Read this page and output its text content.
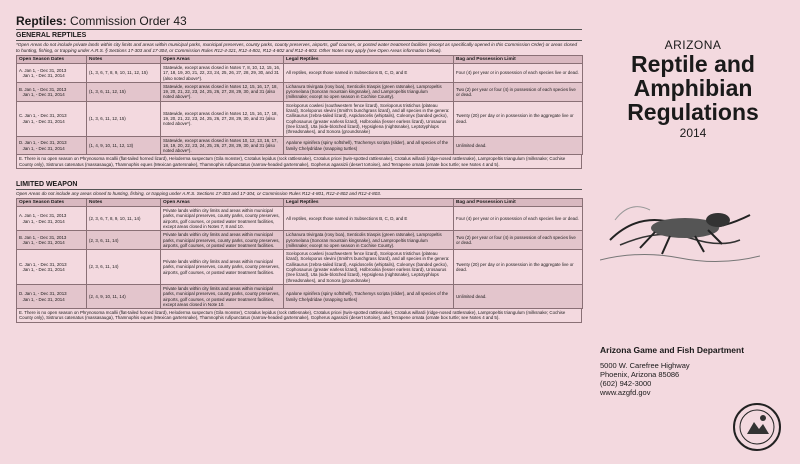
Reptiles: Commission Order 43
GENERAL REPTILES
*Open Areas do not include private lands within city limits and areas within municipal parks, municipal preserves, county parks, county preserves, airports, golf courses, or posted water treatment facilities (except as specifically opened in this Commission Order) or areas closed to hunting, fishing, or trapping under A.R.S. § Sections 17-303 and 17-304, or Commission Rules R12-4-321, R12-4-801, R12-4-802 and R12-4-803. Other Notes may apply (see Open Areas information below).
Open Season Dates	Notes	Open Areas	Legal Reptiles	Bag and Possession Limit
A. Jan 1, - Dec 31, 2013
Jan 1, - Dec 31, 2014	(1, 3, 6, 7, 8, 9, 10, 11, 12, 15)	Statewide, except areas closed in Notes 7, 8, 10, 12, 15, 16, 17, 18, 19, 20, 21, 22, 23, 24, 25, 26, 27, 28, 29, 30, and 31 (also noted above*).	All reptiles, except those named in Subsections B, C, D, and E	Four (4) per year or in possession of each species live or dead.
B. Jan 1, - Dec 31, 2013
Jan 1, - Dec 31, 2014	(1, 3, 6, 11, 12, 15)	Statewide, except areas closed in Notes 12, 15, 16, 17, 18, 19, 20, 21, 22, 23, 24, 25, 26, 27, 28, 29, 30, and 31 (also noted above*).	Lichanura trivirgata (rosy boa), Senticolis triaspis (green ratsnake), Lampropeltis pyromelana (Sonoran mountain kingsnake), and Lampropeltis triangulum (milksnake; except no open season in Cochise County).	Two (2) per year or four (4) in possession of each species live or dead.
C. Jan 1, - Dec 31, 2013
Jan 1, - Dec 31, 2014	(1, 3, 6, 11, 12, 15)	Statewide, except areas closed in Notes 12, 15, 16, 17, 18, 19, 20, 21, 22, 23, 24, 25, 26, 27, 28, 29, 30, and 31 (also noted above*).	Sceloporus cowlesi (southwestern fence lizard), Sceloporus tristichus (plateau lizard), Sceloporus slevini (Smith's bunchgrass lizard), and all species in the genera: Callisaurus (zebra-tailed lizard), Aspidoscelis (whiptails), Coleonyx (banded gecko), Cophosaurus (greater earless lizard), Holbrookia (lesser earless lizard), Urosaurus (tree lizard), Uta (side-blotched lizard), Hypsiglena (nightsnake), Leptotyphlops (threadsnakes), and Sonora (groundsnake)	Twenty (20) per day or in possession in the aggregate live or dead.
D. Jan 1, - Dec 31, 2013
Jan 1, - Dec 31, 2014	(1, 4, 9, 10, 11, 12, 13)	Statewide, except areas closed in Notes 10, 12, 13, 16, 17, 18, 19, 20, 22, 23, 24, 25, 26, 27, 28, 29, 30, and 31 (also noted above*).	Apalone spinifera (spiny softshell), Trachemys scripta (slider), and all species of the family Chelydridae (snapping turtles)	Unlimited dead.
E. There is no open season on Phrynosoma mcallii (flat-tailed horned lizard), Heloderma suspectum (Gila monster), Crotalus lepidus (rock rattlesnake), Crotalus pricei (twin-spotted rattlesnake), Crotalus willardi (ridge-nosed rattlesnake), Lampropeltis triangulum (milksnake; Cochise County only), Sistrurus catenatus (massasauga), Thamnophis eques (Mexican gartersnake), Thamnophis rufipunctatus (narrow-headed gartersnake), Gopherus agassizii (desert tortoise), and Terrapene ornata (ornate box turtle; see Notes 4 and 5).
LIMITED WEAPON
Open Areas do not include any areas closed to hunting, fishing, or trapping under A.R.S. Sections 17-303 and 17-304, or Commission Rules R12-4-801, R12-4-802 and R12-4-803.
Open Season Dates	Notes	Open Areas	Legal Reptiles	Bag and Possession Limit
A. Jan 1, - Dec 31, 2013
Jan 1, - Dec 31, 2014	(2, 3, 6, 7, 8, 9, 10, 11, 14)	Private lands within city limits and areas within municipal parks, municipal preserves, county parks, county preserves, airports, golf courses, or posted water treatment facilities, except areas closed in Notes 7, 8 and 10.	All reptiles, except those named in Subsections B, C, D, and E	Four (4) per year or in possession of each species live or dead.
B. Jan 1, - Dec 31, 2013
Jan 1, - Dec 31, 2014	(2, 3, 6, 11, 14)	Private lands within city limits and areas within municipal parks, municipal preserves, county parks, county preserves, airports, golf courses, or posted water treatment facilities.	Lichanura trivirgata (rosy boa), Senticolis triaspis (green ratsnake), Lampropeltis pyromelana (Sonoran mountain kingsnake), and Lampropeltis triangulum (milksnake; except no open season in Cochise County).	Two (2) per year or four (4) in possession of each species live or dead.
C. Jan 1, - Dec 31, 2013
Jan 1, - Dec 31, 2014	(2, 3, 6, 11, 14)	Private lands within city limits and areas within municipal parks, municipal preserves, county parks, county preserves, airports, golf courses, or posted water treatment facilities.	Sceloporus cowlesi (southwestern fence lizard), Sceloporus tristichus (plateau lizard), Sceloporus slevini (Smith's bunchgrass lizard), and all species in the genera: Callisaurus (zebra-tailed lizard), Aspidoscelis (whiptails), Coleonyx (banded gecko), Cophosaurus (greater earless lizard), Holbrookia (lesser earless lizard), Urosaurus (tree lizard), Uta (side-blotched lizard), Hypsiglena (nightsnake), Leptotyphlops (threadsnakes), and Sonora (groundsnake)	Twenty (20) per day or in possession in the aggregate live or dead.
D. Jan 1, - Dec 31, 2013
Jan 1, - Dec 31, 2014	(2, 4, 9, 10, 11, 14)	Private lands within city limits and areas within municipal parks, municipal preserves, county parks, county preserves, airports, golf courses, or posted water treatment facilities, except areas closed in Note 10.	Apalone spinifera (spiny softshell), Trachemys scripta (slider), and all species of the family Chelydridae (snapping turtles)	Unlimited dead.
E. There is no open season on Phrynosoma mcallii (flat-tailed horned lizard), Heloderma suspectum (Gila monster), Crotalus lepidus (rock rattlesnake), Crotalus pricei (twin-spotted rattlesnake), Crotalus willardi (ridge-nosed rattlesnake), Lampropeltis triangulum (milksnake; Cochise County only), Sistrurus catenatus (massasauga), Thamnophis eques (Mexican gartersnake), Thamnophis rufipunctatus (narrow-headed gartersnake), Gopherus agassizii (desert tortoise), and Terrapene ornata (ornate box turtle; see Notes 4 and 5).
ARIZONA
Reptile and
Amphibian
Regulations
2014
Arizona Game and Fish Department
5000 W. Carefree Highway
Phoenix, Arizona 85086
(602) 942-3000
www.azgfd.gov
